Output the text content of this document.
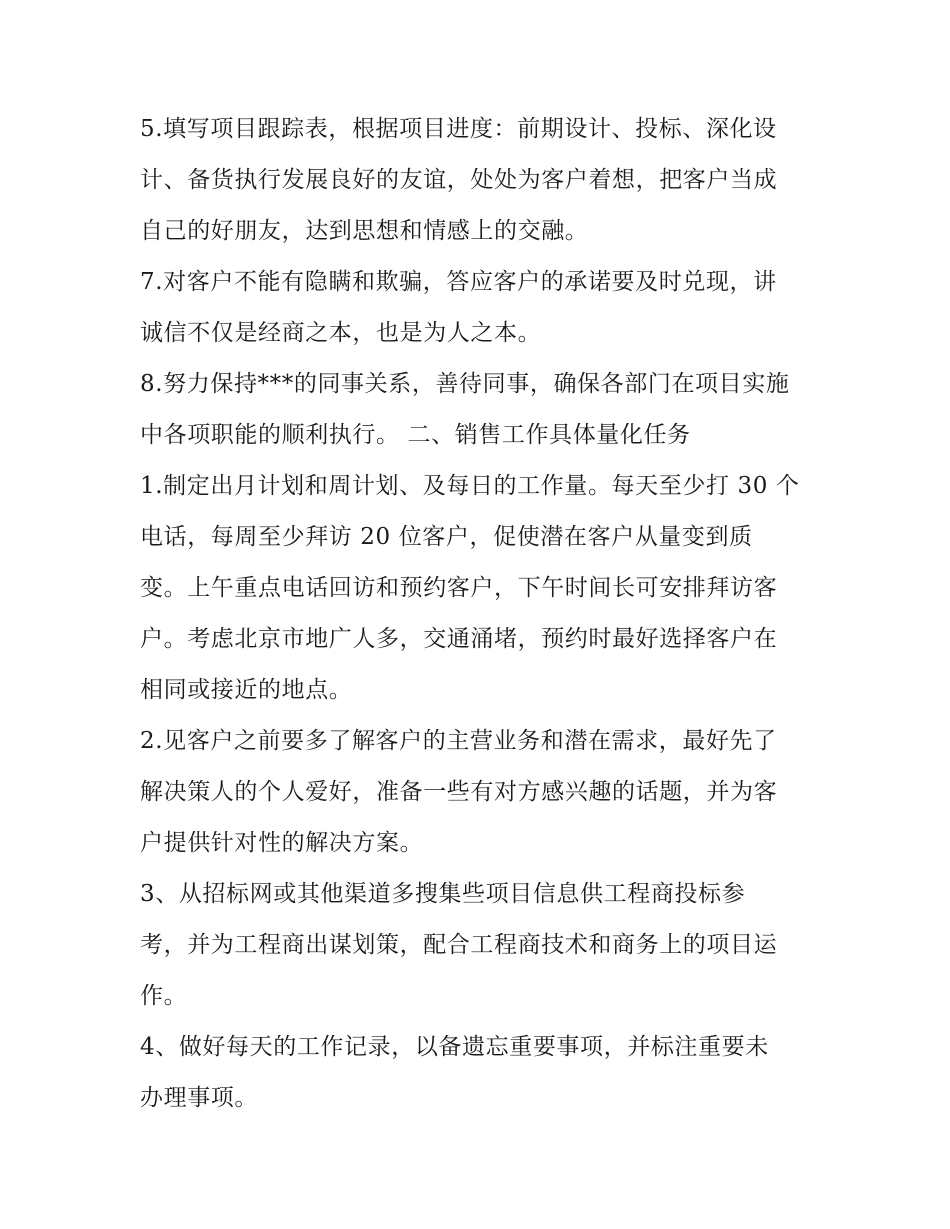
5.填写项目跟踪表，根据项目进度：前期设计、投标、深化设
计、备货执行发展良好的友谊，处处为客户着想，把客户当成
自己的好朋友，达到思想和情感上的交融。
7.对客户不能有隐瞒和欺骗，答应客户的承诺要及时兑现，讲
诚信不仅是经商之本，也是为人之本。
8.努力保持***的同事关系，善待同事，确保各部门在项目实施
中各项职能的顺利执行。 二、销售工作具体量化任务
1.制定出月计划和周计划、及每日的工作量。每天至少打 30 个
电话，每周至少拜访 20 位客户，促使潜在客户从量变到质
变。上午重点电话回访和预约客户，下午时间长可安排拜访客
户。考虑北京市地广人多，交通涌堵，预约时最好选择客户在
相同或接近的地点。
2.见客户之前要多了解客户的主营业务和潜在需求，最好先了
解决策人的个人爱好，准备一些有对方感兴趣的话题，并为客
户提供针对性的解决方案。
3、从招标网或其他渠道多搜集些项目信息供工程商投标参
考，并为工程商出谋划策，配合工程商技术和商务上的项目运
作。
4、做好每天的工作记录，以备遗忘重要事项，并标注重要未
办理事项。
